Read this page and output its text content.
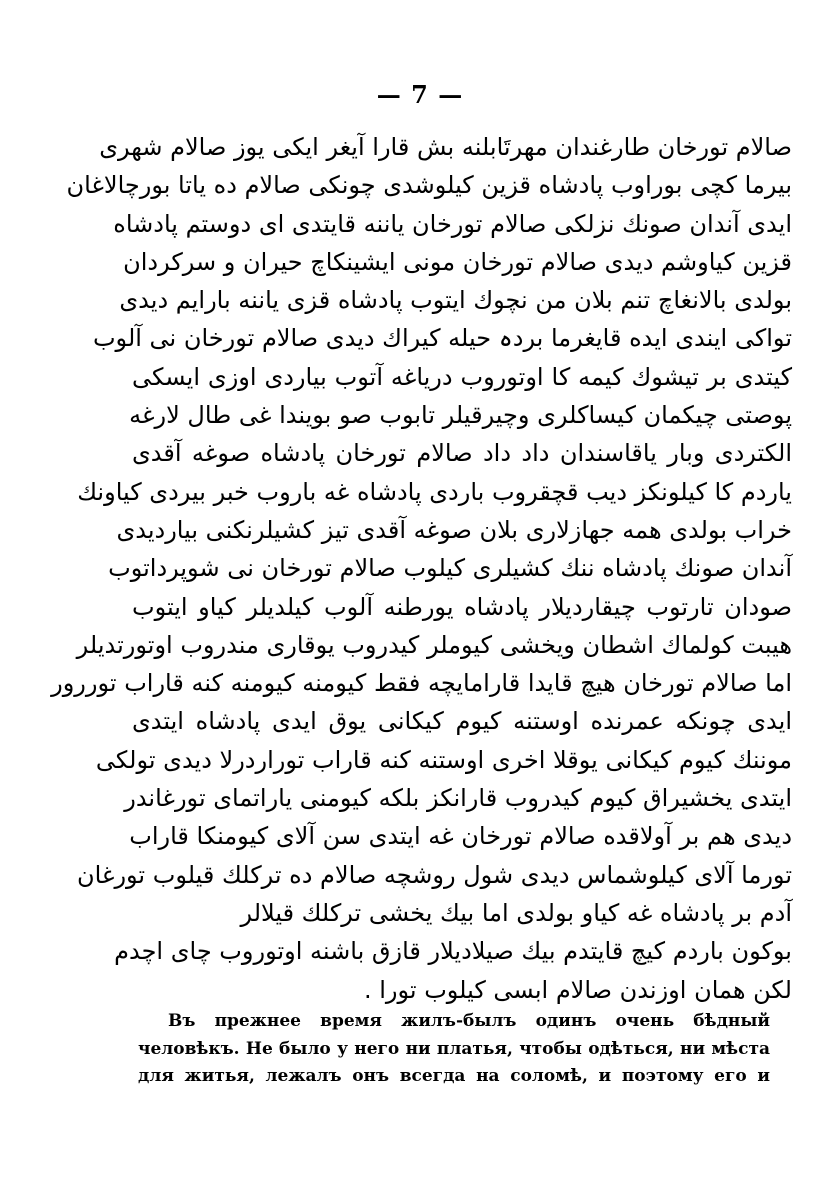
— 7 —
صالام تورخان طارغندان مهرتَابلنه بش قارا آیغر ایکی یوز صالام شهری
بیرما کچی بوراوب پادشاه قزین کیلوشدی چونکی صالام ده یاتا بورچالاغان
ایدی آندان صونك نزلکی صالام تورخان یاننه قایتدی ای دوستم پادشاه
قزین کیاوشم دیدی صالام تورخان مونی ایشینکاچ حیران و سرکردان
بولدی بالانغاچ تنم بلان من نچوك ایتوب پادشاه قزی یاننه بارایم دیدی
تواکی ایندی ایده قایغرما بردہ حیله کیراك دیدی صالام تورخان نی آلوب
کیتدی بر تیشوك کیمه کا اوتوروب دریاغه آتوب بیاردی اوزی ایسکی
پوصتی چیکمان کیساکلری وچیرقیلر تابوب صو بویندا غی طال لارغه
الکتردی وبار یاقاسندان داد داد صالام تورخان پادشاه صوغه آقدی
یاردم کا کیلونکز دیب قچقروب باردی پادشاه غه باروب خبر بیردی کیاونك
خراب بولدی همه جهازلاری بلان صوغه آقدی تیز کشیلرنکنی بیاردیدی
آندان صونك پادشاه ننك کشیلری کیلوب صالام تورخان نی شوپرداتوب
صودان تارتوب چیقاردیلار پادشاه یورطنه آلوب کیلدیلر کیاو ایتوب
هیبت کولماك اشطان ویخشی کیوملر کیدروب یوقاری مندروب اوتورتدیلر
اما صالام تورخان هیچ قایدا قارامایچه فقط کیومنه کیومنه کنه قاراب توررور
ایدی چونکه عمرنده اوستنه کیوم کیکانی یوق ایدی پادشاه ایتدی
موننك کیوم کیکانی یوقلا اخری اوستنه کنه قاراب توراردرلا دیدی تولکی
ایتدی یخشیراق کیوم کیدروب قارانکز بلکه کیومنی یاراتمای تورغاندر
دیدی هم بر آولاقده صالام تورخان غه ایتدی سن آلای کیومنکا قاراب
تورما آلای کیلوشماس دیدی شول روشچه صالام ده ترکلك قیلوب تورغان
آدم بر پادشاه غه کیاو بولدی اما بیك یخشی ترکلك قیلالر
بوکون باردم کیچ قایتدم بیك صیلادیلار قازق باشنه اوتوروب چای اچدم
لکن همان اوزندن صالام ابسی کیلوب تورا .
Въ прежнее время жилъ-былъ одинъ очень бѣдный
человѣкъ. Не было у него ни платья, чтобы одѣться, ни мѣста
для житья, лежалъ онъ всегда на соломѣ, и поэтому его и
